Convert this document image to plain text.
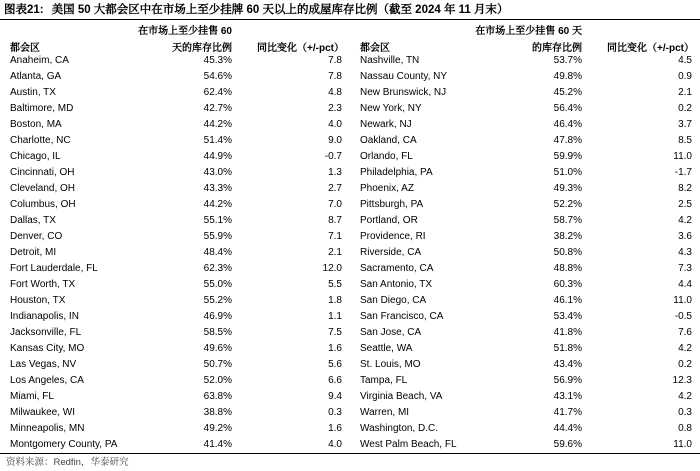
图表21: 美国 50 大都会区中在市场上至少挂牌 60 天以上的成屋库存比例（截至 2024 年 11 月末）
都会区
在市场上至少挂售 60
天的库存比例	同比变化（+/-pct）
Anaheim, CA	45.3%	7.8
Atlanta, GA	54.6%	7.8
Austin, TX	62.4%	4.8
Baltimore, MD	42.7%	2.3
Boston, MA	44.2%	4.0
Charlotte, NC	51.4%	9.0
Chicago, IL	44.9%	-0.7
Cincinnati, OH	43.0%	1.3
Cleveland, OH	43.3%	2.7
Columbus, OH	44.2%	7.0
Dallas, TX	55.1%	8.7
Denver, CO	55.9%	7.1
Detroit, MI	48.4%	2.1
Fort Lauderdale, FL	62.3%	12.0
Fort Worth, TX	55.0%	5.5
Houston, TX	55.2%	1.8
Indianapolis, IN	46.9%	1.1
Jacksonville, FL	58.5%	7.5
Kansas City, MO	49.6%	1.6
Las Vegas, NV	50.7%	5.6
Los Angeles, CA	52.0%	6.6
Miami, FL	63.8%	9.4
Milwaukee, WI	38.8%	0.3
Minneapolis, MN	49.2%	1.6
Montgomery County, PA	41.4%	4.0
都会区
在市场上至少挂售 60 天
的库存比例	同比变化（+/-pct）
Nashville, TN	53.7%	4.5
Nassau County, NY	49.8%	0.9
New Brunswick, NJ	45.2%	2.1
New York, NY	56.4%	0.2
Newark, NJ	46.4%	3.7
Oakland, CA	47.8%	8.5
Orlando, FL	59.9%	11.0
Philadelphia, PA	51.0%	-1.7
Phoenix, AZ	49.3%	8.2
Pittsburgh, PA	52.2%	2.5
Portland, OR	58.7%	4.2
Providence, RI	38.2%	3.6
Riverside, CA	50.8%	4.3
Sacramento, CA	48.8%	7.3
San Antonio, TX	60.3%	4.4
San Diego, CA	46.1%	11.0
San Francisco, CA	53.4%	-0.5
San Jose, CA	41.8%	7.6
Seattle, WA	51.8%	4.2
St. Louis, MO	43.4%	0.2
Tampa, FL	56.9%	12.3
Virginia Beach, VA	43.1%	4.2
Warren, MI	41.7%	0.3
Washington, D.C.	44.4%	0.8
West Palm Beach, FL	59.6%	11.0
资料来源：Redfin，华泰研究
